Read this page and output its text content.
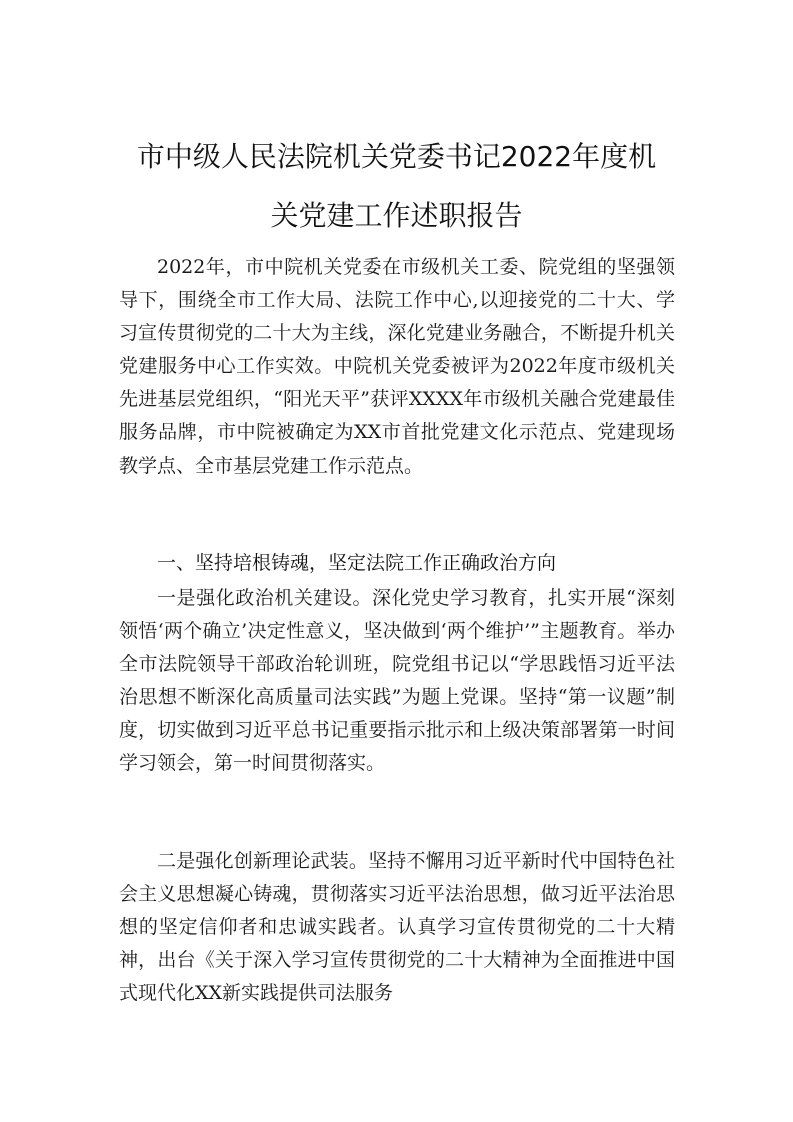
市中级人民法院机关党委书记2022年度机
关党建工作述职报告

2022年，市中院机关党委在市级机关工委、院党组的坚强领导下，围绕全市工作大局、法院工作中心,以迎接党的二十大、学习宣传贯彻党的二十大为主线，深化党建业务融合，不断提升机关党建服务中心工作实效。中院机关党委被评为2022年度市级机关先进基层党组织，“阳光天平”获评XXXX年市级机关融合党建最佳服务品牌，市中院被确定为XX市首批党建文化示范点、党建现场教学点、全市基层党建工作示范点。

一、坚持培根铸魂，坚定法院工作正确政治方向

一是强化政治机关建设。深化党史学习教育，扎实开展“深刻领悟‘两个确立’决定性意义，坚决做到‘两个维护’”主题教育。举办全市法院领导干部政治轮训班，院党组书记以“学思践悟习近平法治思想不断深化高质量司法实践”为题上党课。坚持“第一议题”制度，切实做到习近平总书记重要指示批示和上级决策部署第一时间学习领会，第一时间贯彻落实。

二是强化创新理论武装。坚持不懈用习近平新时代中国特色社会主义思想凝心铸魂，贯彻落实习近平法治思想，做习近平法治思想的坚定信仰者和忠诚实践者。认真学习宣传贯彻党的二十大精神，出台《关于深入学习宣传贯彻党的二十大精神为全面推进中国式现代化XX新实践提供司法服务
